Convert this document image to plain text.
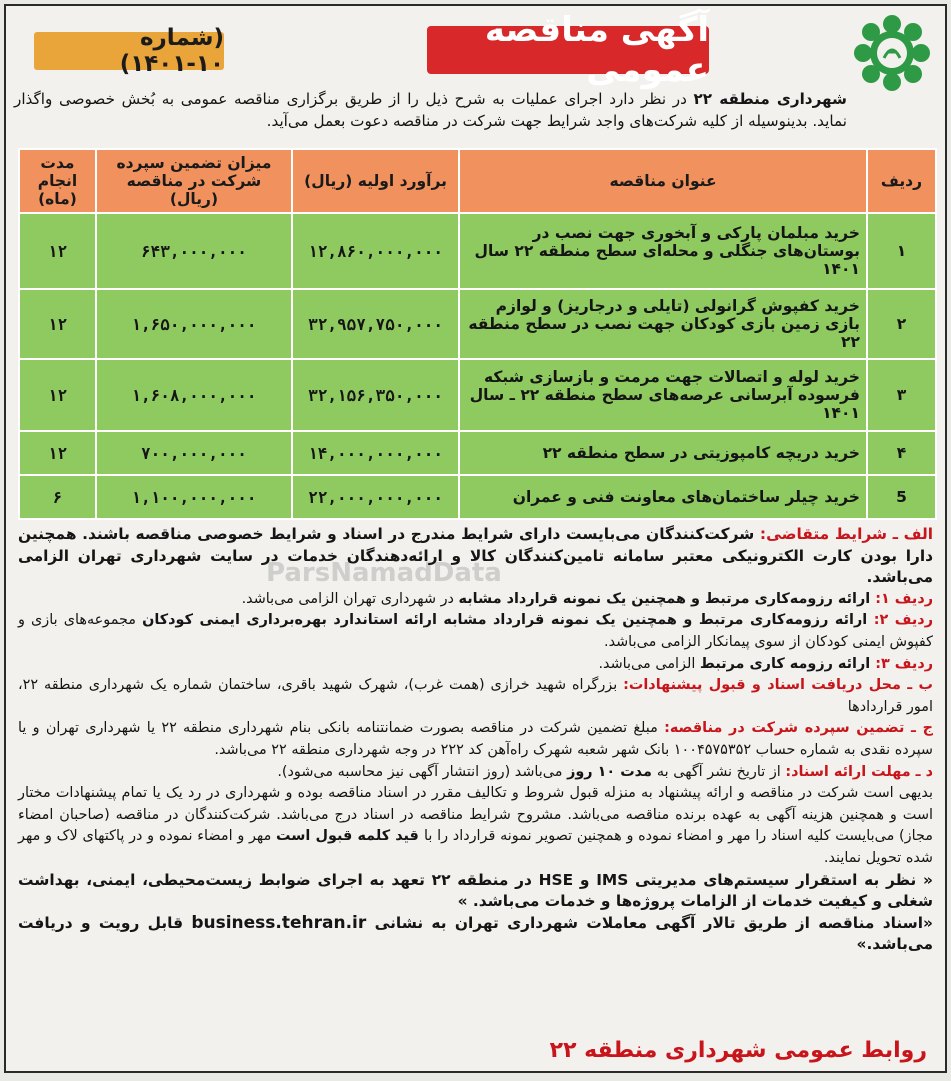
آگهی مناقصه عمومی
(شماره ۱۰-۱۴۰۱)
شهرداری منطقه ۲۲ در نظر دارد اجرای عملیات به شرح ذیل را از طریق برگزاری مناقصه عمومی به بُخش خصوصی واگذار نماید. بدینوسیله از کلیه شرکت‌های واجد شرایط جهت شرکت در مناقصه دعوت بعمل می‌آید.
ردیف	عنوان مناقصه	برآورد اولیه (ریال)	میزان تضمین سپرده شرکت در مناقصه (ریال)	مدت انجام (ماه)
۱	خرید مبلمان پارکی و آبخوری جهت نصب در بوستان‌های جنگلی و محله‌ای سطح منطقه ۲۲ سال ۱۴۰۱	۱۲,۸۶۰,۰۰۰,۰۰۰	۶۴۳,۰۰۰,۰۰۰	۱۲
۲	خرید کفپوش گرانولی (تایلی و درجاریز) و لوازم بازی زمین بازی کودکان جهت نصب در سطح منطقه ۲۲	۳۲,۹۵۷,۷۵۰,۰۰۰	۱,۶۵۰,۰۰۰,۰۰۰	۱۲
۳	خرید لوله و اتصالات جهت مرمت و بازسازی شبکه فرسوده آبرسانی عرصه‌های سطح منطقه ۲۲ ـ سال ۱۴۰۱	۳۲,۱۵۶,۳۵۰,۰۰۰	۱,۶۰۸,۰۰۰,۰۰۰	۱۲
۴	خرید دریچه کامپوزیتی در سطح منطقه ۲۲	۱۴,۰۰۰,۰۰۰,۰۰۰	۷۰۰,۰۰۰,۰۰۰	۱۲
5	خرید چیلر ساختمان‌های معاونت فنی و عمران	۲۲,۰۰۰,۰۰۰,۰۰۰	۱,۱۰۰,۰۰۰,۰۰۰	۶
ParsNamadData

الف ـ شرایط متقاضی: شرکت‌کنندگان می‌بایست دارای شرایط مندرج در اسناد و شرایط خصوصی مناقصه باشند. همچنین دارا بودن کارت الکترونیکی معتبر سامانه تامین‌کنندگان کالا و ارائه‌دهندگان خدمات در سایت شهرداری تهران الزامی می‌باشد.

ردیف ۱: ارائه رزومه‌کاری مرتبط و همچنین یک نمونه قرارداد مشابه در شهرداری تهران الزامی می‌باشد.

ردیف ۲: ارائه رزومه‌کاری مرتبط و همچنین یک نمونه قرارداد مشابه ارائه استاندارد بهره‌برداری ایمنی کودکان مجموعه‌های بازی و کفپوش ایمنی کودکان از سوی پیمانکار الزامی می‌باشد.

ردیف ۳: ارائه رزومه کاری مرتبط الزامی می‌باشد.

ب ـ محل دریافت اسناد و قبول پیشنهادات: بزرگراه شهید خرازی (همت غرب)، شهرک شهید باقری، ساختمان شماره یک شهرداری منطقه ۲۲، امور قراردادها

ج ـ تضمین سپرده شرکت در مناقصه: مبلغ تضمین شرکت در مناقصه بصورت ضمانتنامه بانکی بنام شهرداری منطقه ۲۲ یا شهرداری تهران و یا سپرده نقدی به شماره حساب ۱۰۰۴۵۷۵۳۵۲ بانک شهر شعبه شهرک راه‌آهن کد ۲۲۲ در وجه شهرداری منطقه ۲۲ می‌باشد.

د ـ مهلت ارائه اسناد: از تاریخ نشر آگهی به مدت ۱۰ روز می‌باشد (روز انتشار آگهی نیز محاسبه می‌شود).

بدیهی است شرکت در مناقصه و ارائه پیشنهاد به منزله قبول شروط و تکالیف مقرر در اسناد مناقصه بوده و شهرداری در رد یک یا تمام پیشنهادات مختار است و همچنین هزینه آگهی به عهده برنده مناقصه می‌باشد. مشروح شرایط مناقصه در اسناد درج می‌باشد. شرکت‌کنندگان در مناقصه (صاحبان امضاء مجاز) می‌بایست کلیه اسناد را مهر و امضاء نموده و همچنین تصویر نمونه قرارداد را با قید کلمه قبول است مهر و امضاء نموده و در پاکتهای لاک و مهر شده تحویل نمایند.

« نظر به استقرار سیستم‌های مدیریتی IMS و HSE در منطقه ۲۲ تعهد به اجرای ضوابط زیست‌محیطی، ایمنی، بهداشت شغلی و کیفیت خدمات از الزامات پروژه‌ها و خدمات می‌باشد. »

«اسناد مناقصه از طریق تالار آگهی معاملات شهرداری تهران به نشانی business.tehran.ir قابل رویت و دریافت می‌باشد.»

روابط عمومی شهرداری منطقه ۲۲
